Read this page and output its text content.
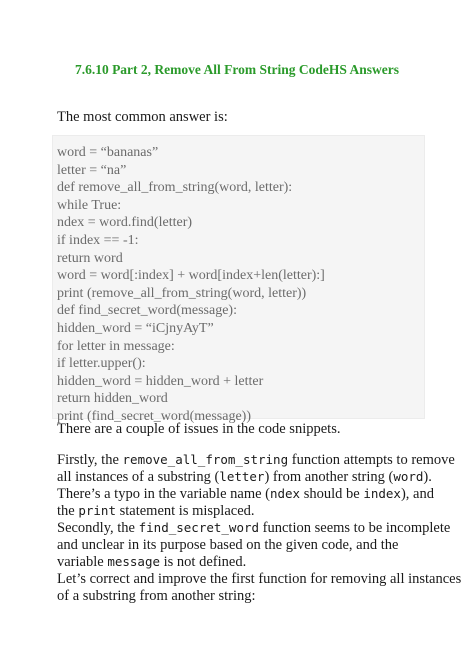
7.6.10 Part 2, Remove All From String CodeHS Answers
The most common answer is:
word = “bananas”
letter = “na”
def remove_all_from_string(word, letter):
while True:
ndex = word.find(letter)
if index == -1:
return word
word = word[:index] + word[index+len(letter):]
print (remove_all_from_string(word, letter))
def find_secret_word(message):
hidden_word = “iCjnyAyT”
for letter in message:
if letter.upper():
hidden_word = hidden_word + letter
return hidden_word
print (find_secret_word(message))
There are a couple of issues in the code snippets.
Firstly, the remove_all_from_string function attempts to remove
all instances of a substring (letter) from another string (word).
There’s a typo in the variable name (ndex should be index), and
the print statement is misplaced.
Secondly, the find_secret_word function seems to be incomplete
and unclear in its purpose based on the given code, and the
variable message is not defined.
Let’s correct and improve the first function for removing all instances
of a substring from another string:
